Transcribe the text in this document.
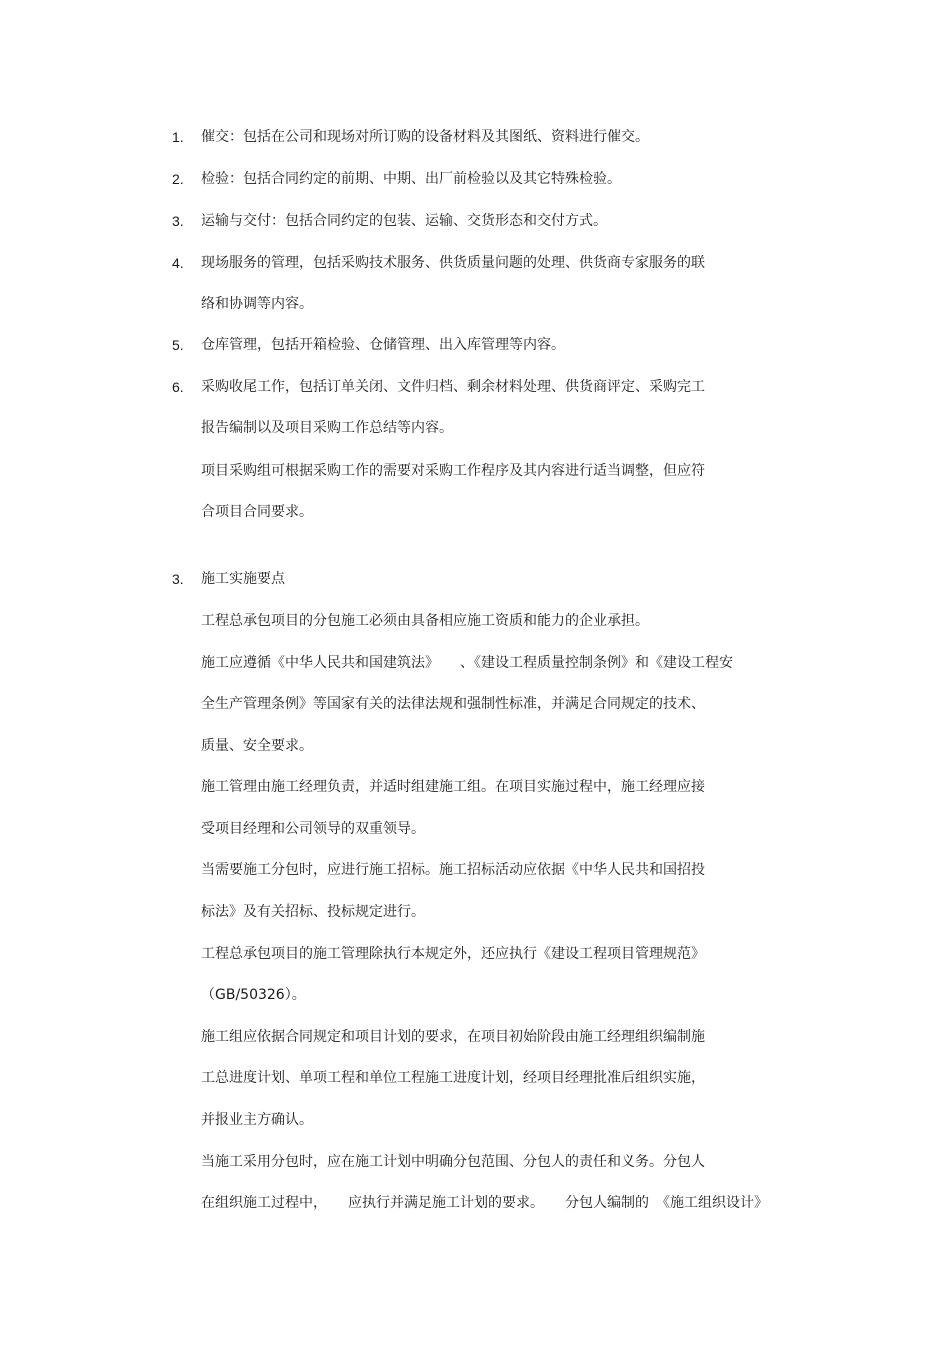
1. 催交：包括在公司和现场对所订购的设备材料及其图纸、资料进行催交。
2. 检验：包括合同约定的前期、中期、出厂前检验以及其它特殊检验。
3. 运输与交付：包括合同约定的包装、运输、交货形态和交付方式。
4. 现场服务的管理，包括采购技术服务、供货质量问题的处理、供货商专家服务的联
络和协调等内容。
5. 仓库管理，包括开箱检验、仓储管理、出入库管理等内容。
6. 采购收尾工作，包括订单关闭、文件归档、剩余材料处理、供货商评定、采购完工
报告编制以及项目采购工作总结等内容。
项目采购组可根据采购工作的需要对采购工作程序及其内容进行适当调整，但应符
合项目合同要求。
3. 施工实施要点
工程总承包项目的分包施工必须由具备相应施工资质和能力的企业承担。
施工应遵循《中华人民共和国建筑法》　　、《建设工程质量控制条例》和《建设工程安
全生产管理条例》等国家有关的法律法规和强制性标准，并满足合同规定的技术、
质量、安全要求。
施工管理由施工经理负责，并适时组建施工组。在项目实施过程中，施工经理应接
受项目经理和公司领导的双重领导。
当需要施工分包时，应进行施工招标。施工招标活动应依据《中华人民共和国招投
标法》及有关招标、投标规定进行。
工程总承包项目的施工管理除执行本规定外，还应执行《建设工程项目管理规范》
（GB/50326）。
施工组应依据合同规定和项目计划的要求，在项目初始阶段由施工经理组织编制施
工总进度计划、单项工程和单位工程施工进度计划，经项目经理批准后组织实施，
并报业主方确认。
当施工采用分包时，应在施工计划中明确分包范围、分包人的责任和义务。分包人
在组织施工过程中，　　应执行并满足施工计划的要求。　　分包人编制的　《施工组织设计》
